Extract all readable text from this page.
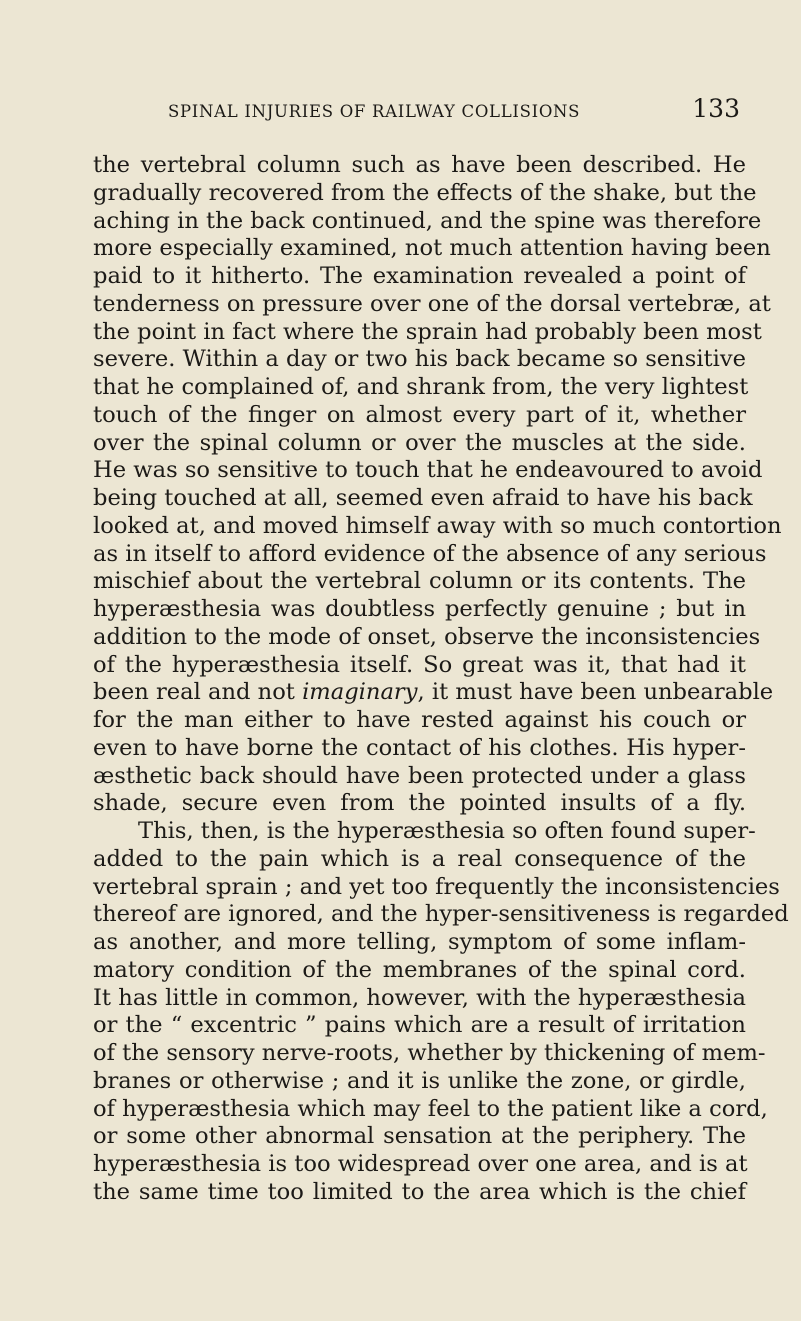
SPINAL INJURIES OF RAILWAY COLLISIONS	133
the vertebral column such as have been described. He
gradually recovered from the effects of the shake, but the
aching in the back continued, and the spine was therefore
more especially examined, not much attention having been
paid to it hitherto. The examination revealed a point of
tenderness on pressure over one of the dorsal vertebræ, at
the point in fact where the sprain had probably been most
severe. Within a day or two his back became so sensitive
that he complained of, and shrank from, the very lightest
touch of the finger on almost every part of it, whether
over the spinal column or over the muscles at the side.
He was so sensitive to touch that he endeavoured to avoid
being touched at all, seemed even afraid to have his back
looked at, and moved himself away with so much contortion
as in itself to afford evidence of the absence of any serious
mischief about the vertebral column or its contents. The
hyperæsthesia was doubtless perfectly genuine ; but in
addition to the mode of onset, observe the inconsistencies
of the hyperæsthesia itself. So great was it, that had it
been real and not imaginary, it must have been unbearable
for the man either to have rested against his couch or
even to have borne the contact of his clothes. His hyper-
æsthetic back should have been protected under a glass
shade, secure even from the pointed insults of a fly.
This, then, is the hyperæsthesia so often found super-
added to the pain which is a real consequence of the
vertebral sprain ; and yet too frequently the inconsistencies
thereof are ignored, and the hyper-sensitiveness is regarded
as another, and more telling, symptom of some inflam-
matory condition of the membranes of the spinal cord.
It has little in common, however, with the hyperæsthesia
or the “ excentric ” pains which are a result of irritation
of the sensory nerve-roots, whether by thickening of mem-
branes or otherwise ; and it is unlike the zone, or girdle,
of hyperæsthesia which may feel to the patient like a cord,
or some other abnormal sensation at the periphery. The
hyperæsthesia is too widespread over one area, and is at
the same time too limited to the area which is the chief
